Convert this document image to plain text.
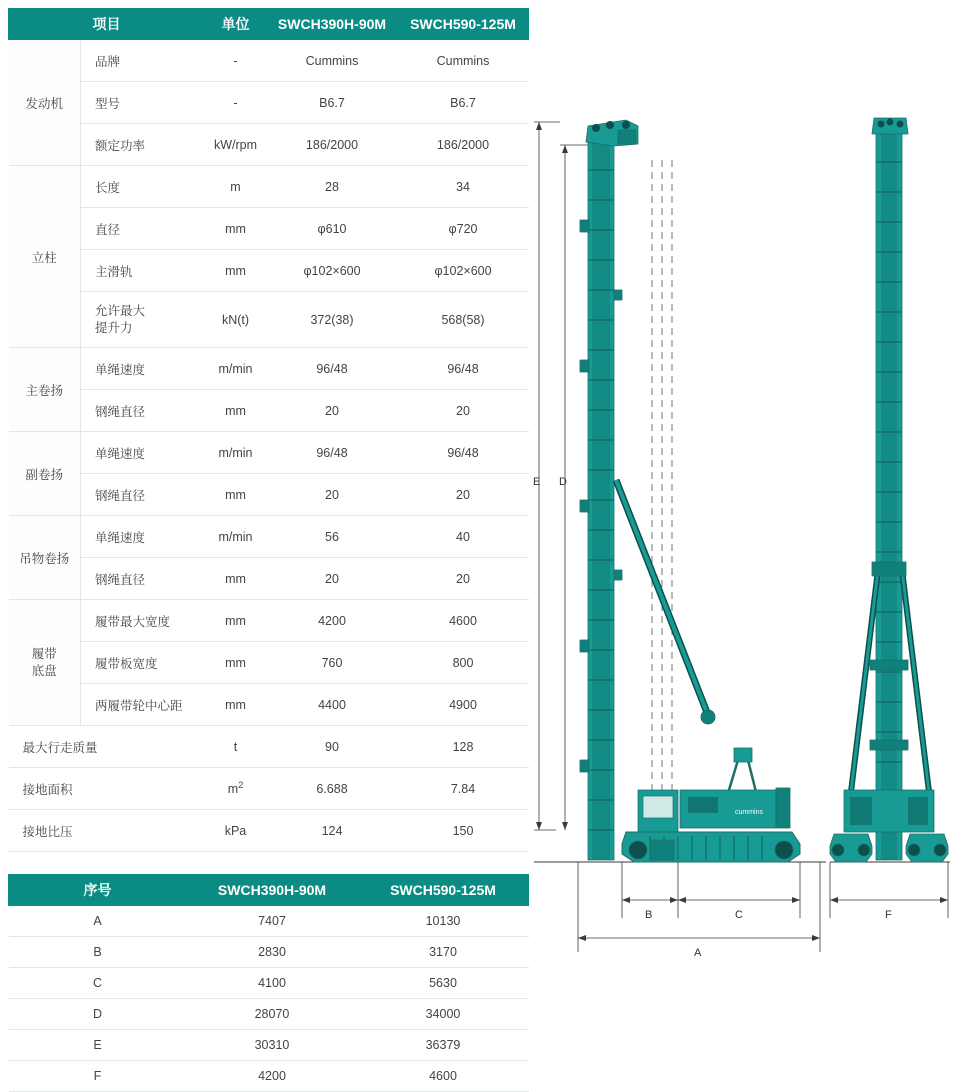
项目		单位	SWCH390H-90M	SWCH590-125M
发动机	品牌	-	Cummins	Cummins
	型号	-	B6.7	B6.7
	额定功率	kW/rpm	186/2000	186/2000
立柱	长度	m	28	34
	直径	mm	φ610	φ720
	主滑轨	mm	φ102×600	φ102×600
	允许最大
提升力	kN(t)	372(38)	568(58)
主卷扬	单绳速度	m/min	96/48	96/48
	钢绳直径	mm	20	20
副卷扬	单绳速度	m/min	96/48	96/48
	钢绳直径	mm	20	20
吊物卷扬	单绳速度	m/min	56	40
	钢绳直径	mm	20	20
履带
底盘	履带最大宽度	mm	4200	4600
	履带板宽度	mm	760	800
	两履带轮中心距	mm	4400	4900
最大行走质量		t	90	128
接地面积		$m^2$	6.688	7.84
接地比压		kPa	124	150
序号	SWCH390H-90M	SWCH590-125M
A	7407	10130
B	2830	3170
C	4100	5630
D	28070	34000
E	30310	36379
F	4200	4600
cummins
E D
B	C
A
F
